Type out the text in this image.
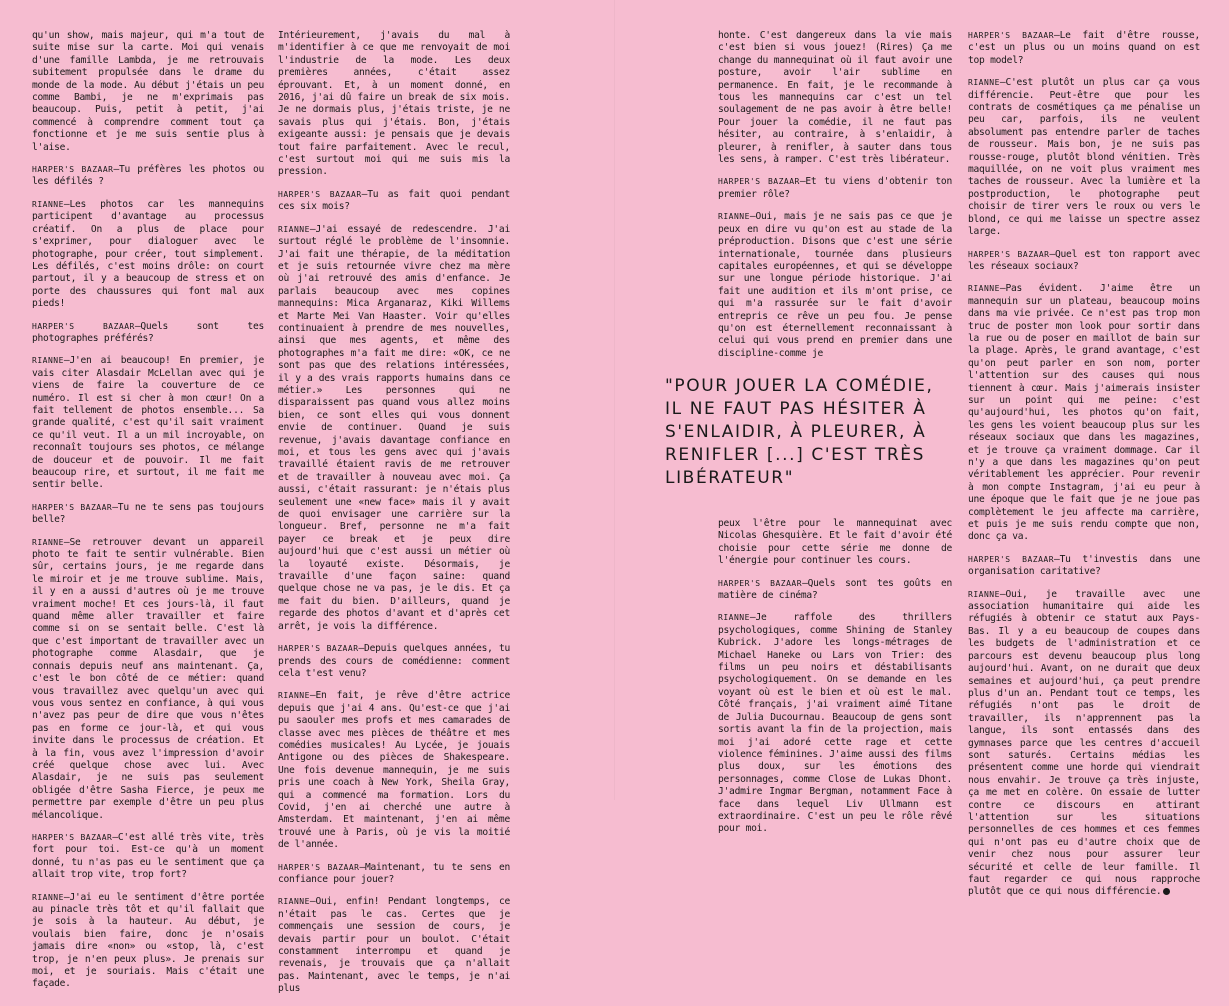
qu'un show, mais majeur, qui m'a tout de suite mise sur la carte. Moi qui venais d'une famille Lambda, je me retrouvais subitement propulsée dans le drame du monde de la mode. Au début j'étais un peu comme Bambi, je ne m'exprimais pas beaucoup. Puis, petit à petit, j'ai commencé à comprendre comment tout ça fonctionne et je me suis sentie plus à l'aise.

HARPER'S BAZAAR—Tu préfères les photos ou les défilés ?

RIANNE—Les photos car les mannequins participent d'avantage au processus créatif. On a plus de place pour s'exprimer, pour dialoguer avec le photographe, pour créer, tout simplement. Les défilés, c'est moins drôle: on court partout, il y a beaucoup de stress et on porte des chaussures qui font mal aux pieds!

HARPER'S BAZAAR—Quels sont tes photographes préférés?

RIANNE—J'en ai beaucoup! En premier, je vais citer Alasdair McLellan avec qui je viens de faire la couverture de ce numéro. Il est si cher à mon cœur! On a fait tellement de photos ensemble... Sa grande qualité, c'est qu'il sait vraiment ce qu'il veut. Il a un mil incroyable, on reconnaît toujours ses photos, ce mélange de douceur et de pouvoir. Il me fait beaucoup rire, et surtout, il me fait me sentir belle.

HARPER'S BAZAAR—Tu ne te sens pas toujours belle?

RIANNE—Se retrouver devant un appareil photo te fait te sentir vulnérable. Bien sûr, certains jours, je me regarde dans le miroir et je me trouve sublime. Mais, il y en a aussi d'autres où je me trouve vraiment moche! Et ces jours-là, il faut quand même aller travailler et faire comme si on se sentait belle. C'est là que c'est important de travailler avec un photographe comme Alasdair, que je connais depuis neuf ans maintenant. Ça, c'est le bon côté de ce métier: quand vous travaillez avec quelqu'un avec qui vous vous sentez en confiance, à qui vous n'avez pas peur de dire que vous n'êtes pas en forme ce jour-là, et qui vous invite dans le processus de création. Et à la fin, vous avez l'impression d'avoir créé quelque chose avec lui. Avec Alasdair, je ne suis pas seulement obligée d'être Sasha Fierce, je peux me permettre par exemple d'être un peu plus mélancolique.

HARPER'S BAZAAR—C'est allé très vite, très fort pour toi. Est-ce qu'à un moment donné, tu n'as pas eu le sentiment que ça allait trop vite, trop fort?

RIANNE—J'ai eu le sentiment d'être portée au pinacle très tôt et qu'il fallait que je sois à la hauteur. Au début, je voulais bien faire, donc je n'osais jamais dire «non» ou «stop, là, c'est trop, je n'en peux plus». Je prenais sur moi, et je souriais. Mais c'était une façade.

Intérieurement, j'avais du mal à m'identifier à ce que me renvoyait de moi l'industrie de la mode. Les deux premières années, c'était assez éprouvant. Et, à un moment donné, en 2016, j'ai dû faire un break de six mois. Je ne dormais plus, j'étais triste, je ne savais plus qui j'étais. Bon, j'étais exigeante aussi: je pensais que je devais tout faire parfaitement. Avec le recul, c'est surtout moi qui me suis mis la pression.

HARPER'S BAZAAR—Tu as fait quoi pendant ces six mois?

RIANNE—J'ai essayé de redescendre. J'ai surtout réglé le problème de l'insomnie. J'ai fait une thérapie, de la méditation et je suis retournée vivre chez ma mère où j'ai retrouvé des amis d'enfance. Je parlais beaucoup avec mes copines mannequins: Mica Arganaraz, Kiki Willems et Marte Mei Van Haaster. Voir qu'elles continuaient à prendre de mes nouvelles, ainsi que mes agents, et même des photographes m'a fait me dire: «OK, ce ne sont pas que des relations intéressées, il y a des vrais rapports humains dans ce métier.» Les personnes qui ne disparaissent pas quand vous allez moins bien, ce sont elles qui vous donnent envie de continuer. Quand je suis revenue, j'avais davantage confiance en moi, et tous les gens avec qui j'avais travaillé étaient ravis de me retrouver et de travailler à nouveau avec moi. Ça aussi, c'était rassurant: je n'étais plus seulement une «new face» mais il y avait de quoi envisager une carrière sur la longueur. Bref, personne ne m'a fait payer ce break et je peux dire aujourd'hui que c'est aussi un métier où la loyauté existe. Désormais, je travaille d'une façon saine: quand quelque chose ne va pas, je le dis. Et ça me fait du bien. D'ailleurs, quand je regarde des photos d'avant et d'après cet arrêt, je vois la différence.

HARPER'S BAZAAR—Depuis quelques années, tu prends des cours de comédienne: comment cela t'est venu?

RIANNE—En fait, je rêve d'être actrice depuis que j'ai 4 ans. Qu'est-ce que j'ai pu saouler mes profs et mes camarades de classe avec mes pièces de théâtre et mes comédies musicales! Au Lycée, je jouais Antigone ou des pièces de Shakespeare. Une fois devenue mannequin, je me suis pris une coach à New York, Sheila Gray, qui a commencé ma formation. Lors du Covid, j'en ai cherché une autre à Amsterdam. Et maintenant, j'en ai même trouvé une à Paris, où je vis la moitié de l'année.

HARPER'S BAZAAR—Maintenant, tu te sens en confiance pour jouer?

RIANNE—Oui, enfin! Pendant longtemps, ce n'était pas le cas. Certes que je commençais une session de cours, je devais partir pour un boulot. C'était constamment interrompu et quand je revenais, je trouvais que ça n'allait pas. Maintenant, avec le temps, je n'ai plus

honte. C'est dangereux dans la vie mais c'est bien si vous jouez! (Rires) Ça me change du mannequinat où il faut avoir une posture, avoir l'air sublime en permanence. En fait, je le recommande à tous les mannequins car c'est un tel soulagement de ne pas avoir à être belle! Pour jouer la comédie, il ne faut pas hésiter, au contraire, à s'enlaidir, à pleurer, à renifler, à sauter dans tous les sens, à ramper. C'est très libérateur.

HARPER'S BAZAAR—Et tu viens d'obtenir ton premier rôle?

RIANNE—Oui, mais je ne sais pas ce que je peux en dire vu qu'on est au stade de la préproduction. Disons que c'est une série internationale, tournée dans plusieurs capitales européennes, et qui se développe sur une longue période historique. J'ai fait une audition et ils m'ont prise, ce qui m'a rassurée sur le fait d'avoir entrepris ce rêve un peu fou. Je pense qu'on est éternellement reconnaissant à celui qui vous prend en premier dans une discipline-comme je

peux l'être pour le mannequinat avec Nicolas Ghesquière. Et le fait d'avoir été choisie pour cette série me donne de l'énergie pour continuer les cours.

HARPER'S BAZAAR—Quels sont tes goûts en matière de cinéma?

RIANNE—Je raffole des thrillers psychologiques, comme Shining de Stanley Kubrick. J'adore les longs-métrages de Michael Haneke ou Lars von Trier: des films un peu noirs et déstabilisants psychologiquement. On se demande en les voyant où est le bien et où est le mal. Côté français, j'ai vraiment aimé Titane de Julia Ducournau. Beaucoup de gens sont sortis avant la fin de la projection, mais moi j'ai adoré cette rage et cette violence féminines. J'aime aussi des films plus doux, sur les émotions des personnages, comme Close de Lukas Dhont. J'admire Ingmar Bergman, notamment Face à face dans lequel Liv Ullmann est extraordinaire. C'est un peu le rôle rêvé pour moi.

HARPER'S BAZAAR—Le fait d'être rousse, c'est un plus ou un moins quand on est top model?

RIANNE—C'est plutôt un plus car ça vous différencie. Peut-être que pour les contrats de cosmétiques ça me pénalise un peu car, parfois, ils ne veulent absolument pas entendre parler de taches de rousseur. Mais bon, je ne suis pas rousse-rouge, plutôt blond vénitien. Très maquillée, on ne voit plus vraiment mes taches de rousseur. Avec la lumière et la postproduction, le photographe peut choisir de tirer vers le roux ou vers le blond, ce qui me laisse un spectre assez large.

HARPER'S BAZAAR—Quel est ton rapport avec les réseaux sociaux?

RIANNE—Pas évident. J'aime être un mannequin sur un plateau, beaucoup moins dans ma vie privée. Ce n'est pas trop mon truc de poster mon look pour sortir dans la rue ou de poser en maillot de bain sur la plage. Après, le grand avantage, c'est qu'on peut parler en son nom, porter l'attention sur des causes qui nous tiennent à cœur. Mais j'aimerais insister sur un point qui me peine: c'est qu'aujourd'hui, les photos qu'on fait, les gens les voient beaucoup plus sur les réseaux sociaux que dans les magazines, et je trouve ça vraiment dommage. Car il n'y a que dans les magazines qu'on peut véritablement les apprécier. Pour revenir à mon compte Instagram, j'ai eu peur à une époque que le fait que je ne joue pas complètement le jeu affecte ma carrière, et puis je me suis rendu compte que non, donc ça va.

HARPER'S BAZAAR—Tu t'investis dans une organisation caritative?

RIANNE—Oui, je travaille avec une association humanitaire qui aide les réfugiés à obtenir ce statut aux Pays-Bas. Il y a eu beaucoup de coupes dans les budgets de l'administration et ce parcours est devenu beaucoup plus long aujourd'hui. Avant, on ne durait que deux semaines et aujourd'hui, ça peut prendre plus d'un an. Pendant tout ce temps, les réfugiés n'ont pas le droit de travailler, ils n'apprennent pas la langue, ils sont entassés dans des gymnases parce que les centres d'accueil sont saturés. Certains médias les présentent comme une horde qui viendrait nous envahir. Je trouve ça très injuste, ça me met en colère. On essaie de lutter contre ce discours en attirant l'attention sur les situations personnelles de ces hommes et ces femmes qui n'ont pas eu d'autre choix que de venir chez nous pour assurer leur sécurité et celle de leur famille. Il faut regarder ce qui nous rapproche plutôt que ce qui nous différencie.

"POUR JOUER LA COMÉDIE, IL NE FAUT PAS HÉSITER À S'ENLAIDIR, À PLEURER, À RENIFLER [...] C'EST TRÈS LIBÉRATEUR"
